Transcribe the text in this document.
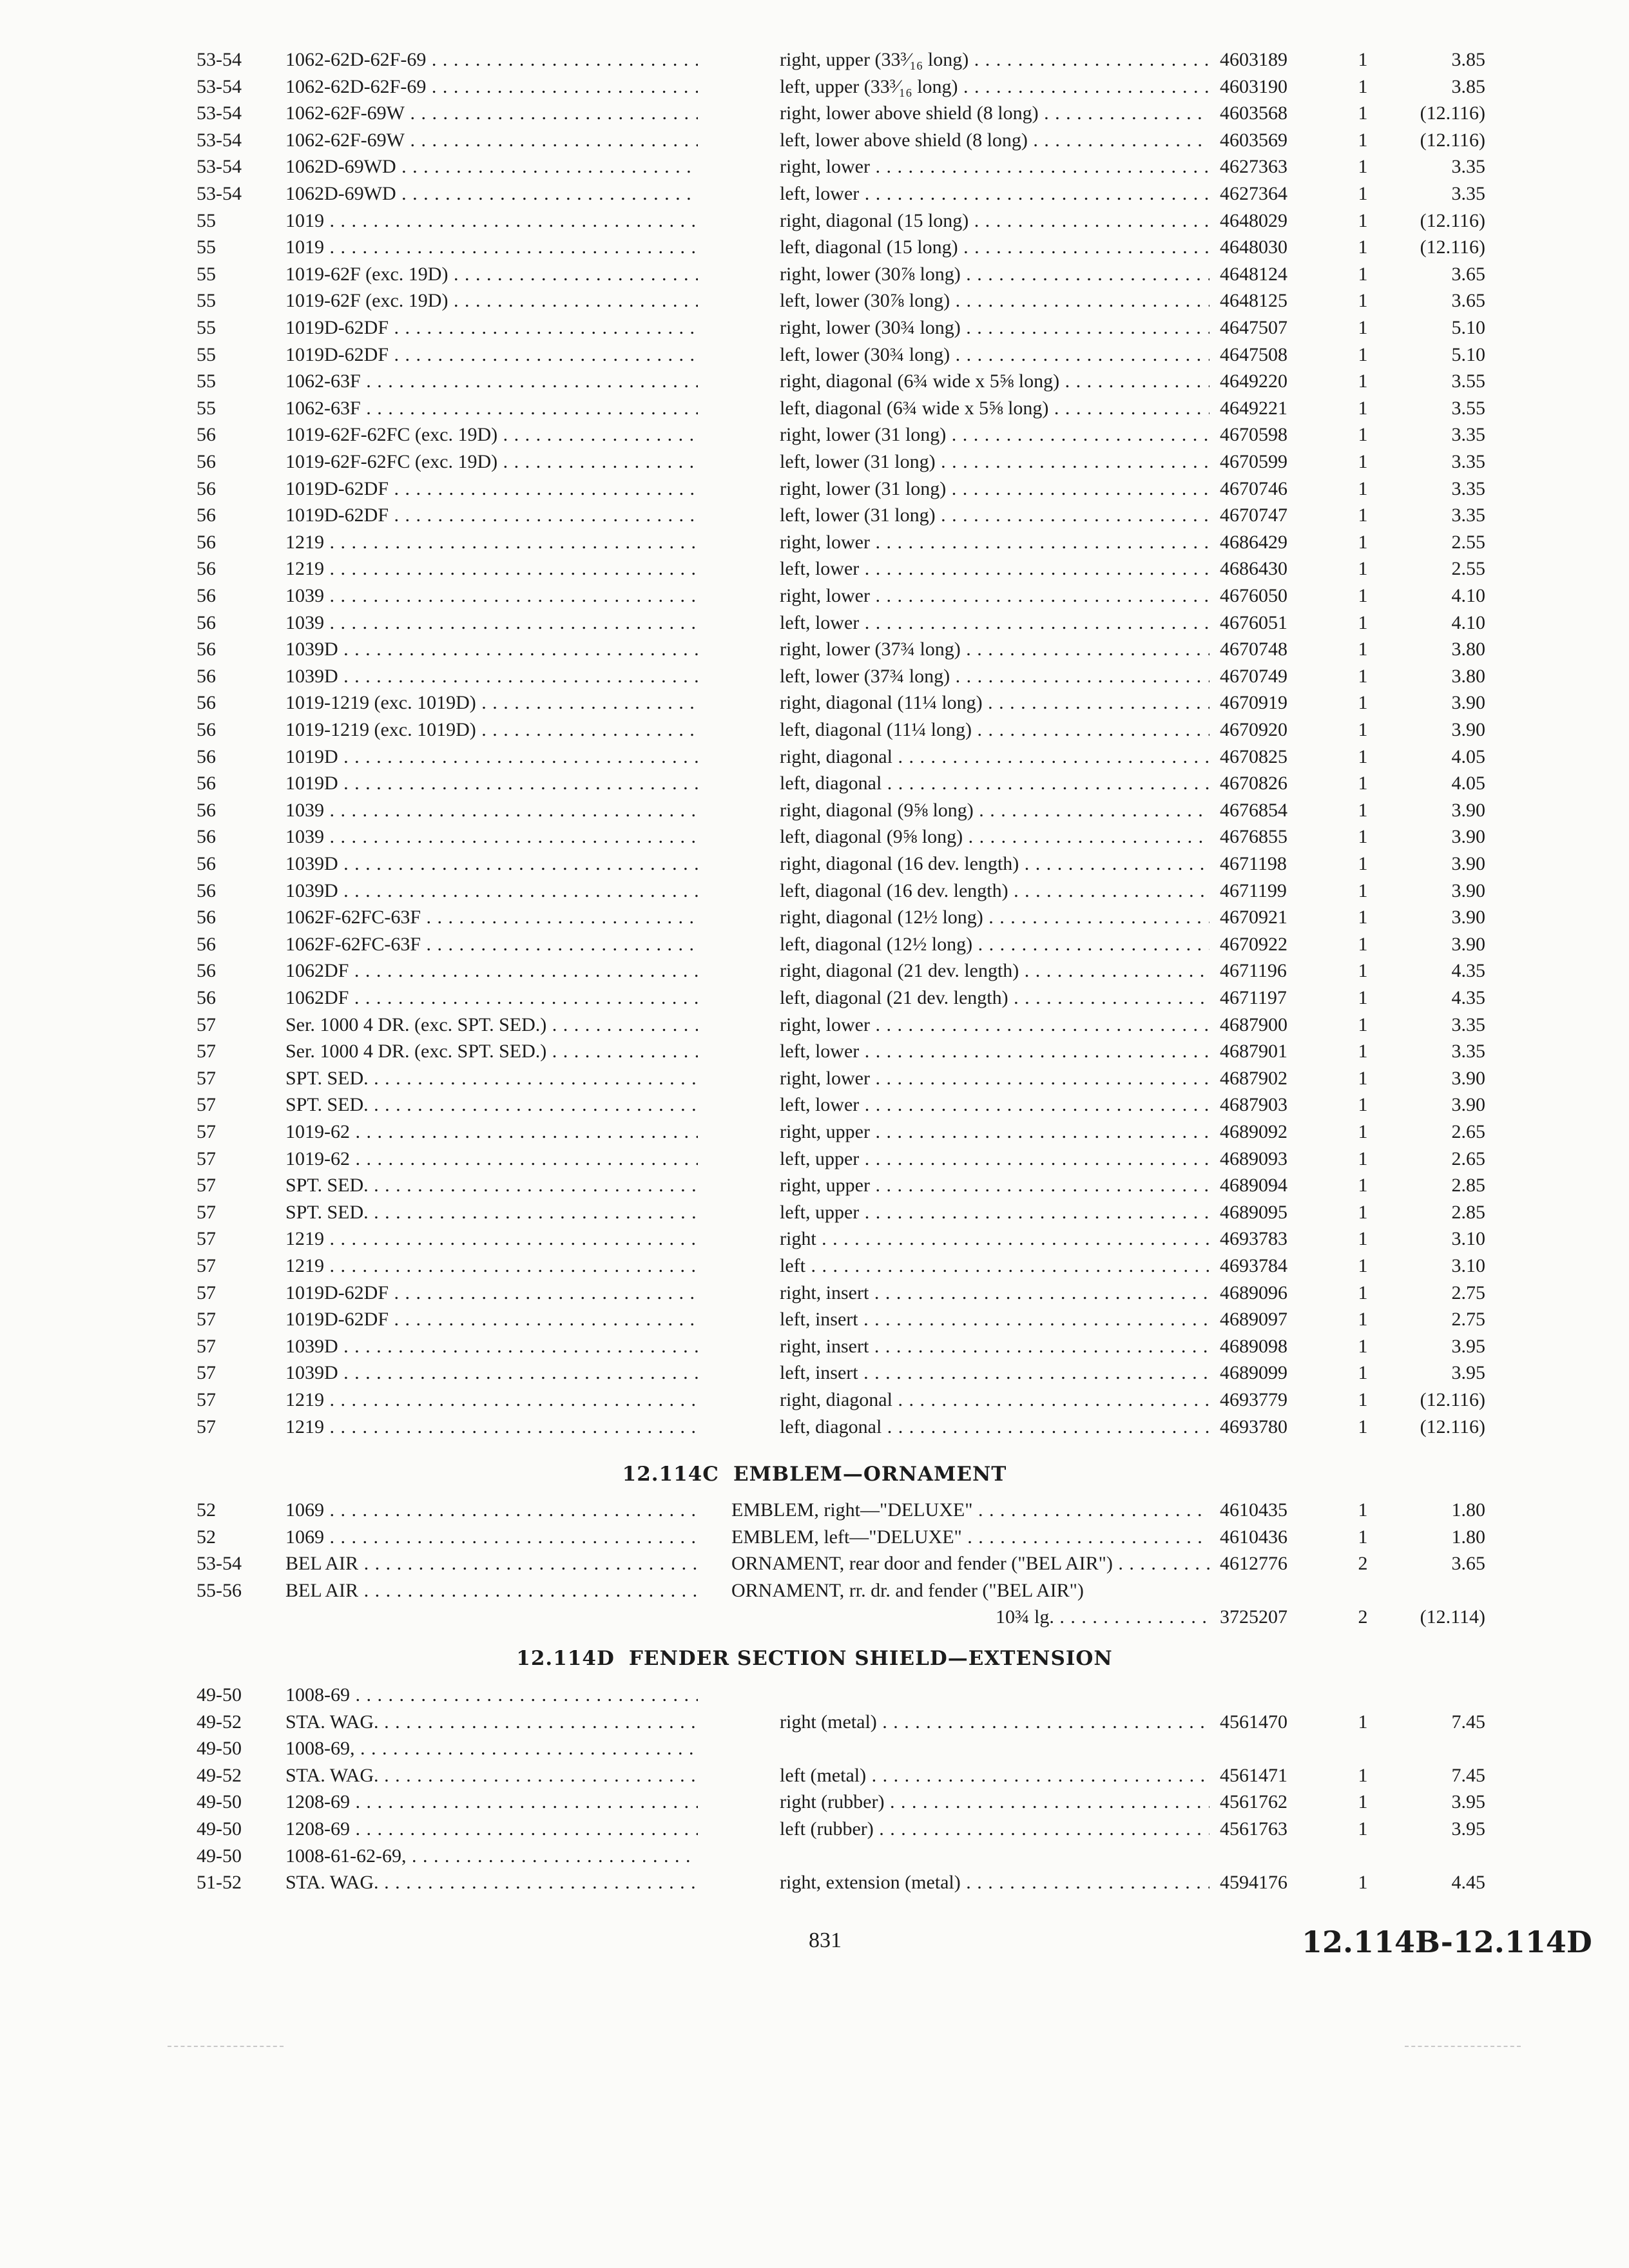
53-54	1062-62D-62F-69 . . .	right, upper (33³⁄₁₆ long) . . .	4603189	1	3.85
53-54	1062-62D-62F-69 . . .	left, upper (33³⁄₁₆ long) . . .	4603190	1	3.85
53-54	1062-62F-69W . . .	right, lower above shield (8 long) . . .	4603568	1	(12.116)
53-54	1062-62F-69W . . .	left, lower above shield (8 long) . . .	4603569	1	(12.116)
53-54	1062D-69WD . . .	right, lower . . .	4627363	1	3.35
53-54	1062D-69WD . . .	left, lower . . .	4627364	1	3.35
55	1019 . . .	right, diagonal (15 long) . . .	4648029	1	(12.116)
55	1019 . . .	left, diagonal (15 long) . . .	4648030	1	(12.116)
55	1019-62F (exc. 19D) . . .	right, lower (30⅞ long) . . .	4648124	1	3.65
55	1019-62F (exc. 19D) . . .	left, lower (30⅞ long) . . .	4648125	1	3.65
55	1019D-62DF . . .	right, lower (30¾ long) . . .	4647507	1	5.10
55	1019D-62DF . . .	left, lower (30¾ long) . . .	4647508	1	5.10
55	1062-63F . . .	right, diagonal (6¾ wide x 5⅝ long) . . .	4649220	1	3.55
55	1062-63F . . .	left, diagonal (6¾ wide x 5⅝ long) . . .	4649221	1	3.55
56	1019-62F-62FC (exc. 19D) . . .	right, lower (31 long) . . .	4670598	1	3.35
56	1019-62F-62FC (exc. 19D) . . .	left, lower (31 long) . . .	4670599	1	3.35
56	1019D-62DF . . .	right, lower (31 long) . . .	4670746	1	3.35
56	1019D-62DF . . .	left, lower (31 long) . . .	4670747	1	3.35
56	1219 . . .	right, lower . . .	4686429	1	2.55
56	1219 . . .	left, lower . . .	4686430	1	2.55
56	1039 . . .	right, lower . . .	4676050	1	4.10
56	1039 . . .	left, lower . . .	4676051	1	4.10
56	1039D . . .	right, lower (37¾ long) . . .	4670748	1	3.80
56	1039D . . .	left, lower (37¾ long) . . .	4670749	1	3.80
56	1019-1219 (exc. 1019D) . . .	right, diagonal (11¼ long) . . .	4670919	1	3.90
56	1019-1219 (exc. 1019D) . . .	left, diagonal (11¼ long) . . .	4670920	1	3.90
56	1019D . . .	right, diagonal . . .	4670825	1	4.05
56	1019D . . .	left, diagonal . . .	4670826	1	4.05
56	1039 . . .	right, diagonal (9⅝ long) . . .	4676854	1	3.90
56	1039 . . .	left, diagonal (9⅝ long) . . .	4676855	1	3.90
56	1039D . . .	right, diagonal (16 dev. length) . . .	4671198	1	3.90
56	1039D . . .	left, diagonal (16 dev. length) . . .	4671199	1	3.90
56	1062F-62FC-63F . . .	right, diagonal (12½ long) . . .	4670921	1	3.90
56	1062F-62FC-63F . . .	left, diagonal (12½ long) . . .	4670922	1	3.90
56	1062DF . . .	right, diagonal (21 dev. length) . . .	4671196	1	4.35
56	1062DF . . .	left, diagonal (21 dev. length) . . .	4671197	1	4.35
57	Ser. 1000 4 DR. (exc. SPT. SED.) . . .	right, lower . . .	4687900	1	3.35
57	Ser. 1000 4 DR. (exc. SPT. SED.) . . .	left, lower . . .	4687901	1	3.35
57	SPT. SED. . . .	right, lower . . .	4687902	1	3.90
57	SPT. SED. . . .	left, lower . . .	4687903	1	3.90
57	1019-62 . . .	right, upper . . .	4689092	1	2.65
57	1019-62 . . .	left, upper . . .	4689093	1	2.65
57	SPT. SED. . . .	right, upper . . .	4689094	1	2.85
57	SPT. SED. . . .	left, upper . . .	4689095	1	2.85
57	1219 . . .	right . . .	4693783	1	3.10
57	1219 . . .	left . . .	4693784	1	3.10
57	1019D-62DF . . .	right, insert . . .	4689096	1	2.75
57	1019D-62DF . . .	left, insert . . .	4689097	1	2.75
57	1039D . . .	right, insert . . .	4689098	1	3.95
57	1039D . . .	left, insert . . .	4689099	1	3.95
57	1219 . . .	right, diagonal . . .	4693779	1	(12.116)
57	1219 . . .	left, diagonal . . .	4693780	1	(12.116)
12.114C EMBLEM—ORNAMENT
52	1069 . . .	EMBLEM, right—"DELUXE" . . .	4610435	1	1.80
52	1069 . . .	EMBLEM, left—"DELUXE" . . .	4610436	1	1.80
53-54	BEL AIR . . .	ORNAMENT, rear door and fender ("BEL AIR") . . .	4612776	2	3.65
55-56	BEL AIR . . .	ORNAMENT, rr. dr. and fender ("BEL AIR")
10¾ lg. . . .	3725207	2	(12.114)
12.114D FENDER SECTION SHIELD—EXTENSION
49-50	1008-69 . . .
49-52	STA. WAG. . . .	right (metal) . . .	4561470	1	7.45
49-50	1008-69, . . .
49-52	STA. WAG. . . .	left (metal) . . .	4561471	1	7.45
49-50	1208-69 . . .	right (rubber) . . .	4561762	1	3.95
49-50	1208-69 . . .	left (rubber) . . .	4561763	1	3.95
49-50	1008-61-62-69, . . .
51-52	STA. WAG. . . .	right, extension (metal) . . .	4594176	1	4.45
831	12.114B-12.114D
